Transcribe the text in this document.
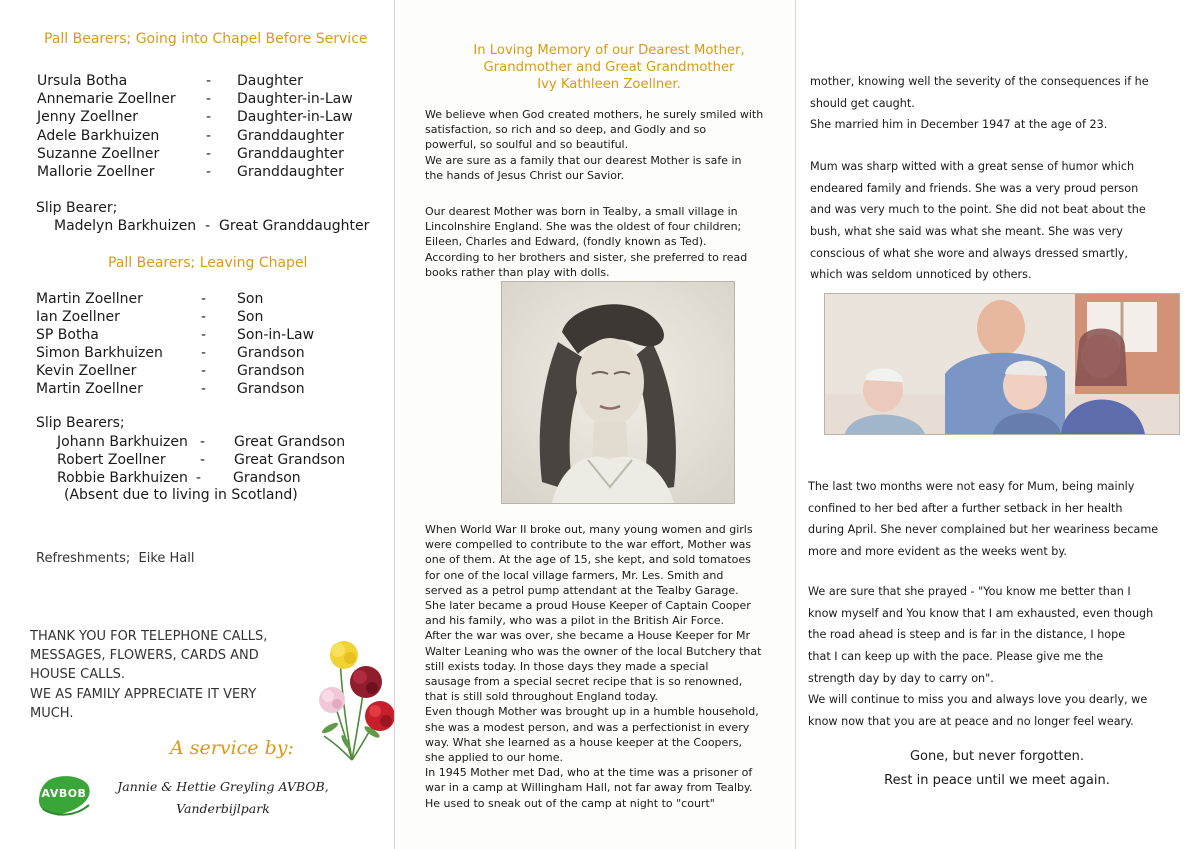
Pall Bearers; Going into Chapel Before Service

Ursula Botha	- Daughter
Annemarie Zoellner - Daughter-in-Law
Jenny Zoellner	- Daughter-in-Law
Adele Barkhuizen	- Granddaughter
Suzanne Zoellner	- Granddaughter
Mallorie Zoellner	- Granddaughter

Slip Bearer;

Madelyn Barkhuizen  -  Great Granddaughter

Pall Bearers; Leaving Chapel

Martin Zoellner	- Son
Ian Zoellner	- Son
SP Botha	- Son-in-Law
Simon Barkhuizen	- Grandson
Kevin Zoellner	- Grandson
Martin Zoellner	- Grandson

Slip Bearers;

Johann Barkhuizen - Great Grandson
Robert Zoellner - Great Grandson
Robbie Barkhuizen - Grandson

(Absent due to living in Scotland)

Refreshments;  Eike Hall

THANK YOU FOR TELEPHONE CALLS,
MESSAGES, FLOWERS, CARDS AND
HOUSE CALLS.
WE AS FAMILY APPRECIATE IT VERY
MUCH.

A service by:

Jannie & Hettie Greyling AVBOB,
Vanderbijlpark

AVBOB

In Loving Memory of our Dearest Mother,
Grandmother and Great Grandmother
Ivy Kathleen Zoellner.

We believe when God created mothers, he surely smiled with
satisfaction, so rich and so deep, and Godly and so
powerful, so soulful and so beautiful.
We are sure as a family that our dearest Mother is safe in
the hands of Jesus Christ our Savior.

Our dearest Mother was born in Tealby, a small village in
Lincolnshire England. She was the oldest of four children;
Eileen, Charles and Edward, (fondly known as Ted).
According to her brothers and sister, she preferred to read
books rather than play with dolls.

When World War II broke out, many young women and girls
were compelled to contribute to the war effort, Mother was
one of them. At the age of 15, she kept, and sold tomatoes
for one of the local village farmers, Mr. Les. Smith and
served as a petrol pump attendant at the Tealby Garage.
She later became a proud House Keeper of Captain Cooper
and his family, who was a pilot in the British Air Force.
After the war was over, she became a House Keeper for Mr
Walter Leaning who was the owner of the local Butchery that
still exists today. In those days they made a special
sausage from a special secret recipe that is so renowned,
that is still sold throughout England today.
Even though Mother was brought up in a humble household,
she was a modest person, and was a perfectionist in every
way. What she learned as a house keeper at the Coopers,
she applied to our home.
In 1945 Mother met Dad, who at the time was a prisoner of
war in a camp at Willingham Hall, not far away from Tealby.
He used to sneak out of the camp at night to "court"

mother, knowing well the severity of the consequences if he
should get caught.
She married him in December 1947 at the age of 23.

Mum was sharp witted with a great sense of humor which
endeared family and friends. She was a very proud person
and was very much to the point. She did not beat about the
bush, what she said was what she meant. She was very
conscious of what she wore and always dressed smartly,
which was seldom unnoticed by others.

The last two months were not easy for Mum, being mainly
confined to her bed after a further setback in her health
during April. She never complained but her weariness became
more and more evident as the weeks went by.

We are sure that she prayed - "You know me better than I
know myself and You know that I am exhausted, even though
the road ahead is steep and is far in the distance, I hope
that I can keep up with the pace. Please give me the
strength day by day to carry on".
We will continue to miss you and always love you dearly, we
know now that you are at peace and no longer feel weary.

Gone, but never forgotten.
Rest in peace until we meet again.
